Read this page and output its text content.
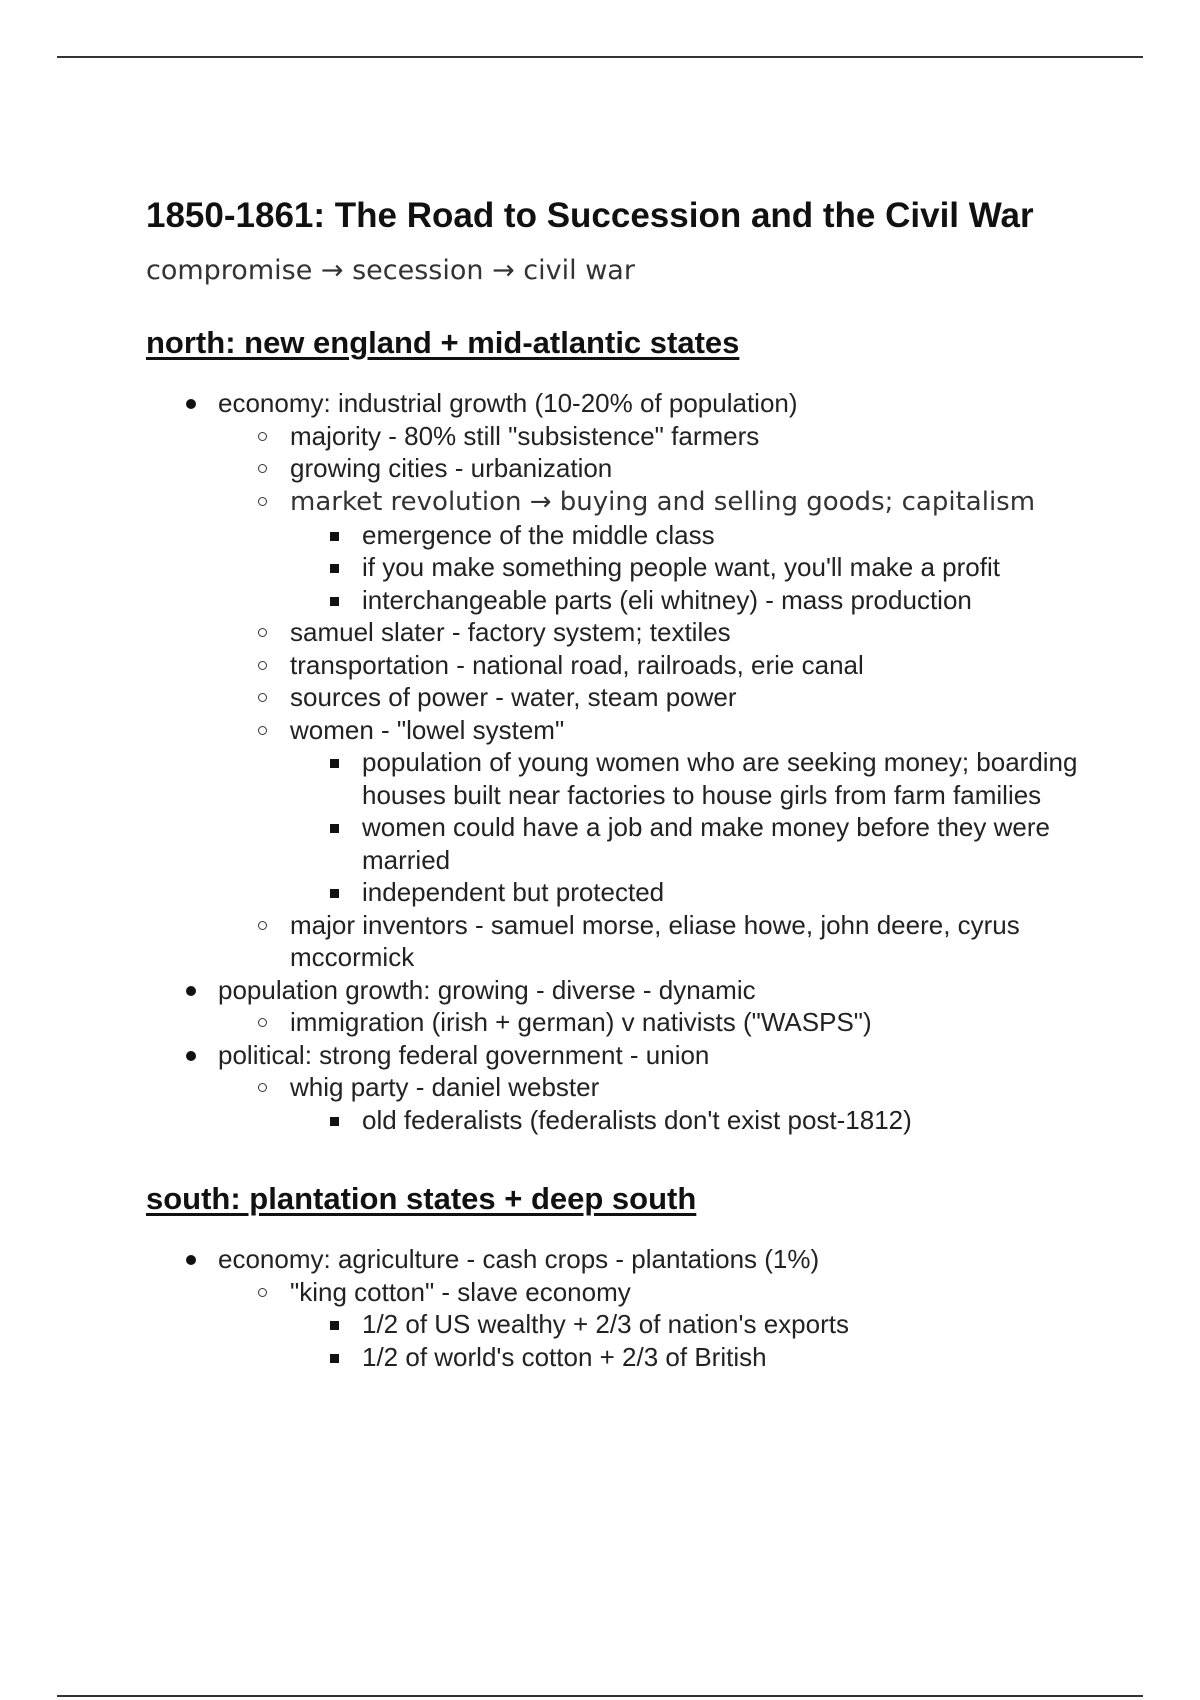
1850-1861: The Road to Succession and the Civil War

compromise → secession → civil war

north: new england + mid-atlantic states
economy: industrial growth (10-20% of population)
majority - 80% still "subsistence" farmers
growing cities - urbanization
market revolution → buying and selling goods; capitalism
emergence of the middle class
if you make something people want, you'll make a profit
interchangeable parts (eli whitney) - mass production
samuel slater - factory system; textiles
transportation - national road, railroads, erie canal
sources of power - water, steam power
women - "lowel system"
population of young women who are seeking money; boarding houses built near factories to house girls from farm families
women could have a job and make money before they were married
independent but protected
major inventors - samuel morse, eliase howe, john deere, cyrus mccormick
population growth: growing - diverse - dynamic
immigration (irish + german) v nativists ("WASPS")
political: strong federal government - union
whig party - daniel webster
old federalists (federalists don't exist post-1812)
south: plantation states + deep south
economy: agriculture - cash crops - plantations (1%)
"king cotton" - slave economy
1/2 of US wealthy + 2/3 of nation's exports
1/2 of world's cotton + 2/3 of British
